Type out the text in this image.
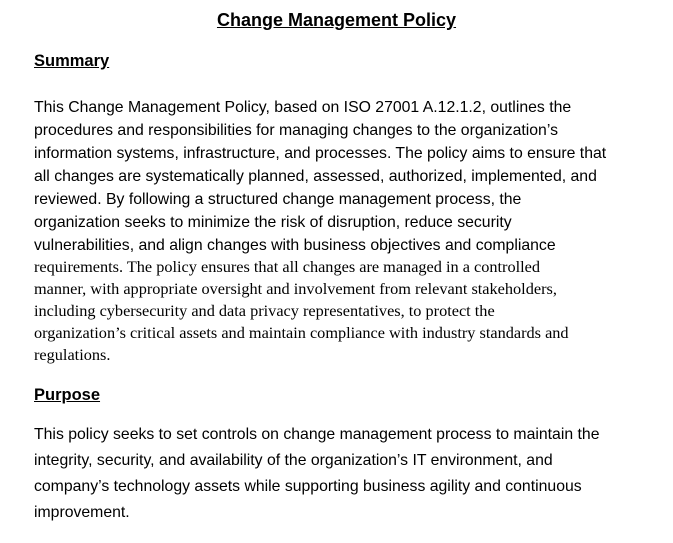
Change Management Policy
Summary

This Change Management Policy, based on ISO 27001 A.12.1.2, outlines the
procedures and responsibilities for managing changes to the organization’s
information systems, infrastructure, and processes. The policy aims to ensure that
all changes are systematically planned, assessed, authorized, implemented, and
reviewed. By following a structured change management process, the
organization seeks to minimize the risk of disruption, reduce security
vulnerabilities, and align changes with business objectives and compliance

requirements. The policy ensures that all changes are managed in a controlled
manner, with appropriate oversight and involvement from relevant stakeholders,
including cybersecurity and data privacy representatives, to protect the
organization’s critical assets and maintain compliance with industry standards and
regulations.

Purpose

This policy seeks to set controls on change management process to maintain the
integrity, security, and availability of the organization’s IT environment, and
company’s technology assets while supporting business agility and continuous
improvement.
